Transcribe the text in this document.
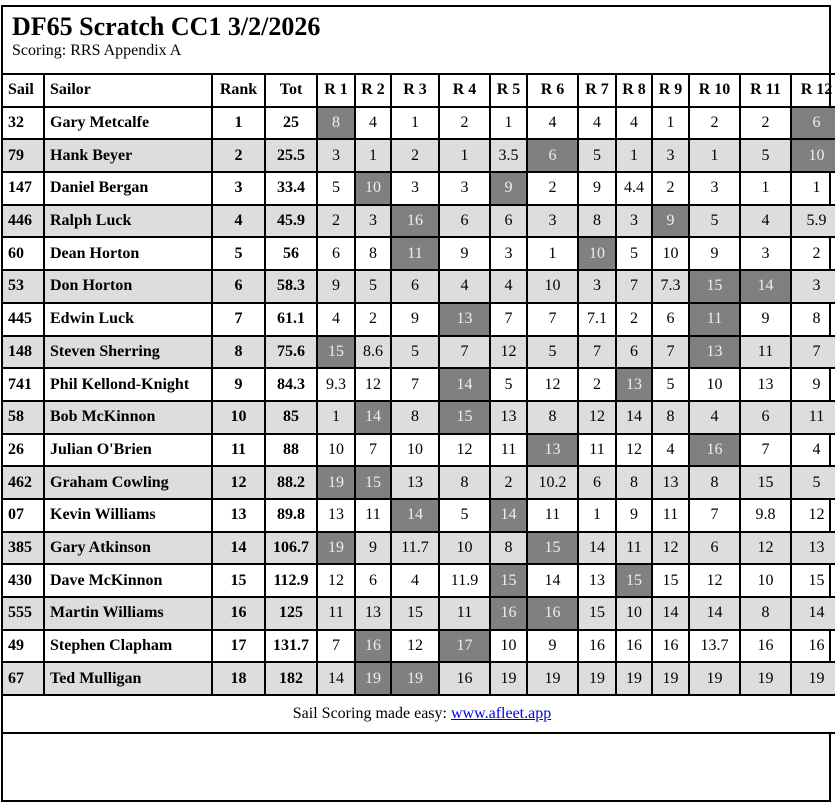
DF65 Scratch CC1 3/2/2026

Scoring: RRS Appendix A

Sail	Sailor	Rank	Tot	R 1	R 2	R 3	R 4	R 5	R 6	R 7	R 8	R 9	R 10	R 11	R 12
32	Gary Metcalfe	1	25	8	4	1	2	1	4	4	4	1	2	2	6
79	Hank Beyer	2	25.5	3	1	2	1	3.5	6	5	1	3	1	5	10
147	Daniel Bergan	3	33.4	5	10	3	3	9	2	9	4.4	2	3	1	1
446	Ralph Luck	4	45.9	2	3	16	6	6	3	8	3	9	5	4	5.9
60	Dean Horton	5	56	6	8	11	9	3	1	10	5	10	9	3	2
53	Don Horton	6	58.3	9	5	6	4	4	10	3	7	7.3	15	14	3
445	Edwin Luck	7	61.1	4	2	9	13	7	7	7.1	2	6	11	9	8
148	Steven Sherring	8	75.6	15	8.6	5	7	12	5	7	6	7	13	11	7
741	Phil Kellond-Knight	9	84.3	9.3	12	7	14	5	12	2	13	5	10	13	9
58	Bob McKinnon	10	85	1	14	8	15	13	8	12	14	8	4	6	11
26	Julian O'Brien	11	88	10	7	10	12	11	13	11	12	4	16	7	4
462	Graham Cowling	12	88.2	19	15	13	8	2	10.2	6	8	13	8	15	5
07	Kevin Williams	13	89.8	13	11	14	5	14	11	1	9	11	7	9.8	12
385	Gary Atkinson	14	106.7	19	9	11.7	10	8	15	14	11	12	6	12	13
430	Dave McKinnon	15	112.9	12	6	4	11.9	15	14	13	15	15	12	10	15
555	Martin Williams	16	125	11	13	15	11	16	16	15	10	14	14	8	14
49	Stephen Clapham	17	131.7	7	16	12	17	10	9	16	16	16	13.7	16	16
67	Ted Mulligan	18	182	14	19	19	16	19	19	19	19	19	19	19	19
Sail Scoring made easy: www.afleet.app															
